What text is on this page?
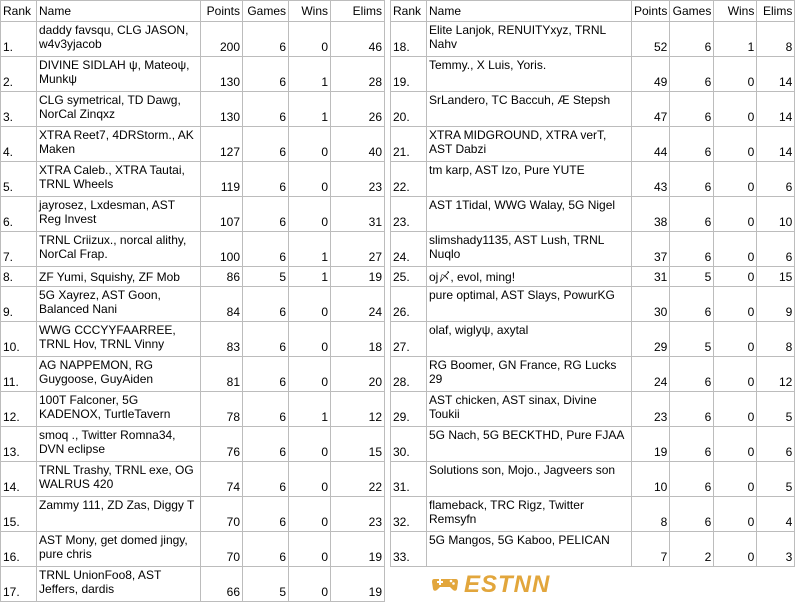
Rank	Name	Points	Games	Wins	Elims
1.	daddy favsqu, CLG JASON, w4v3yjacob	200	6	0	46
2.	DIVINE SIDLAH ψ, Mateoψ, Munkψ	130	6	1	28
3.	CLG symetrical, TD Dawg, NorCal Zinqxz	130	6	1	26
4.	XTRA Reet7, 4DRStorm., AK Maken	127	6	0	40
5.	XTRA Caleb., XTRA Tautai, TRNL Wheels	119	6	0	23
6.	jayrosez, Lxdesman, AST Reg Invest	107	6	0	31
7.	TRNL Criizux., norcal alithy, NorCal Frap.	100	6	1	27
8.	ZF Yumi, Squishy, ZF Mob	86	5	1	19
9.	5G Xayrez, AST Goon, Balanced Nani	84	6	0	24
10.	WWG CCCYYFAARREE, TRNL Hov, TRNL Vinny	83	6	0	18
11.	AG NAPPEMON, RG Guygoose, GuyAiden	81	6	0	20
12.	100T Falconer, 5G KADENOX, TurtleTavern	78	6	1	12
13.	smoq ., Twitter Romna34, DVN eclipse	76	6	0	15
14.	TRNL Trashy, TRNL exe, OG WALRUS 420	74	6	0	22
15.	Zammy 111, ZD Zas, Diggy T	70	6	0	23
16.	AST Mony, get domed jingy, pure chris	70	6	0	19
17.	TRNL UnionFoo8, AST Jeffers, dardis	66	5	0	19
Rank	Name	Points	Games	Wins	Elims
18.	Elite Lanjok, RENUITYxyz, TRNL Nahv	52	6	1	8
19.	Temmy., X Luis, Yoris.	49	6	0	14
20.	SrLandero, TC Baccuh, Æ Stepsh	47	6	0	14
21.	XTRA MIDGROUND, XTRA verT, AST Dabzi	44	6	0	14
22.	tm karp, AST Izo, Pure YUTE	43	6	0	6
23.	AST 1Tidal, WWG Walay, 5G Nigel	38	6	0	10
24.	slimshady1135, AST Lush, TRNL Nuqlo	37	6	0	6
25.	oj〆, evol, ming!	31	5	0	15
26.	pure optimal, AST Slays, PowurKG	30	6	0	9
27.	olaf, wiglyψ, axytal	29	5	0	8
28.	RG Boomer, GN France, RG Lucks 29	24	6	0	12
29.	AST chicken, AST sinax, Divine Toukii	23	6	0	5
30.	5G Nach, 5G BECKTHD, Pure FJAA	19	6	0	6
31.	Solutions son, Mojo., Jagveers son	10	6	0	5
32.	flameback, TRC Rigz, Twitter Remsyfn	8	6	0	4
33.	5G Mangos, 5G Kaboo, PELICAN	7	2	0	3
ESTNN
